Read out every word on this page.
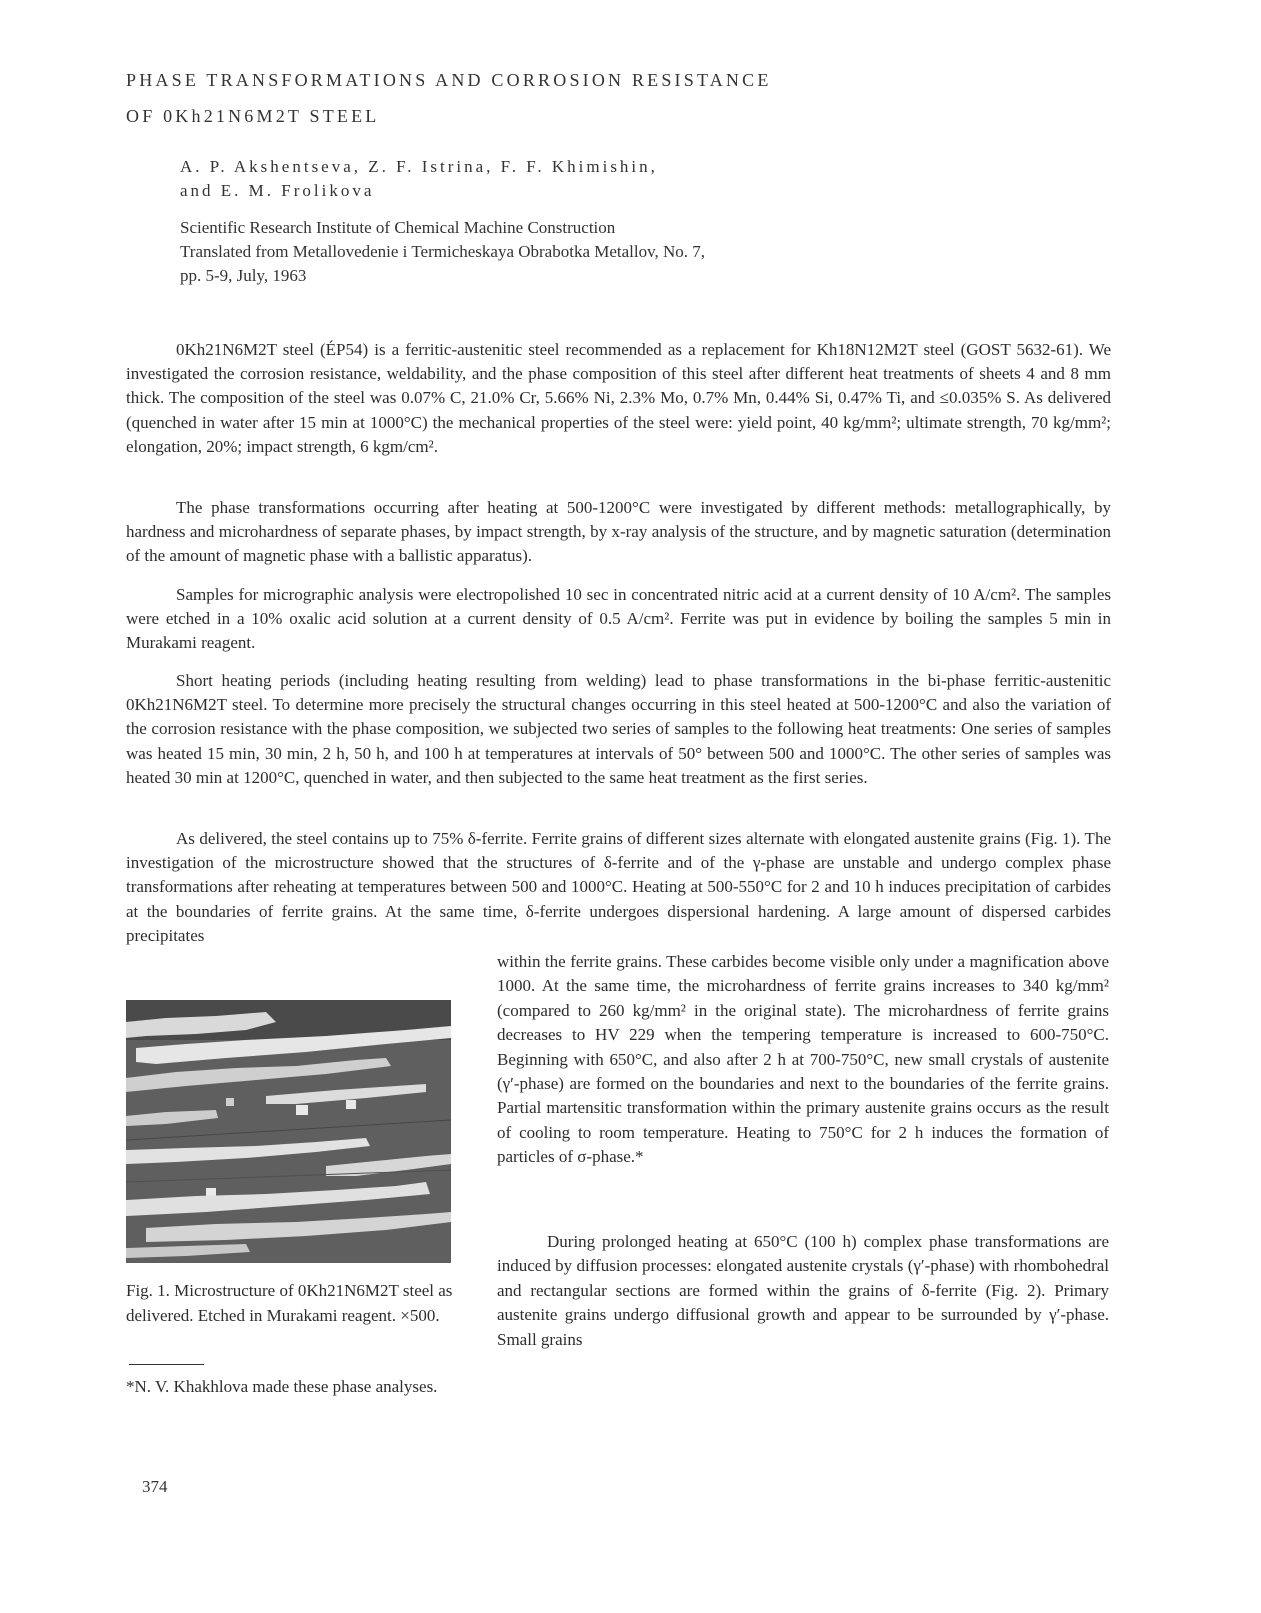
PHASE TRANSFORMATIONS AND CORROSION RESISTANCE
OF 0Kh21N6M2T STEEL
A. P. Akshentseva, Z. F. Istrina, F. F. Khimishin,
and E. M. Frolikova
Scientific Research Institute of Chemical Machine Construction
Translated from Metallovedenie i Termicheskaya Obrabotka Metallov, No. 7,
pp. 5-9, July, 1963

0Kh21N6M2T steel (ÉP54) is a ferritic-austenitic steel recommended as a replacement for Kh18N12M2T steel (GOST 5632-61). We investigated the corrosion resistance, weldability, and the phase composition of this steel after different heat treatments of sheets 4 and 8 mm thick. The composition of the steel was 0.07% C, 21.0% Cr, 5.66% Ni, 2.3% Mo, 0.7% Mn, 0.44% Si, 0.47% Ti, and ≤0.035% S. As delivered (quenched in water after 15 min at 1000°C) the mechanical properties of the steel were: yield point, 40 kg/mm²; ultimate strength, 70 kg/mm²; elongation, 20%; impact strength, 6 kgm/cm².

The phase transformations occurring after heating at 500-1200°C were investigated by different methods: metallographically, by hardness and microhardness of separate phases, by impact strength, by x-ray analysis of the structure, and by magnetic saturation (determination of the amount of magnetic phase with a ballistic apparatus).

Samples for micrographic analysis were electropolished 10 sec in concentrated nitric acid at a current density of 10 A/cm². The samples were etched in a 10% oxalic acid solution at a current density of 0.5 A/cm². Ferrite was put in evidence by boiling the samples 5 min in Murakami reagent.

Short heating periods (including heating resulting from welding) lead to phase transformations in the bi-phase ferritic-austenitic 0Kh21N6M2T steel. To determine more precisely the structural changes occurring in this steel heated at 500-1200°C and also the variation of the corrosion resistance with the phase composition, we subjected two series of samples to the following heat treatments: One series of samples was heated 15 min, 30 min, 2 h, 50 h, and 100 h at temperatures at intervals of 50° between 500 and 1000°C. The other series of samples was heated 30 min at 1200°C, quenched in water, and then subjected to the same heat treatment as the first series.

As delivered, the steel contains up to 75% δ-ferrite. Ferrite grains of different sizes alternate with elongated austenite grains (Fig. 1). The investigation of the microstructure showed that the structures of δ-ferrite and of the γ-phase are unstable and undergo complex phase transformations after reheating at temperatures between 500 and 1000°C. Heating at 500-550°C for 2 and 10 h induces precipitation of carbides at the boundaries of ferrite grains. At the same time, δ-ferrite undergoes dispersional hardening. A large amount of dispersed carbides precipitates

within the ferrite grains. These carbides become visible only under a magnification above 1000. At the same time, the microhardness of ferrite grains increases to 340 kg/mm² (compared to 260 kg/mm² in the original state). The microhardness of ferrite grains decreases to HV 229 when the tempering temperature is increased to 600-750°C. Beginning with 650°C, and also after 2 h at 700-750°C, new small crystals of austenite (γ′-phase) are formed on the boundaries and next to the boundaries of the ferrite grains. Partial martensitic transformation within the primary austenite grains occurs as the result of cooling to room temperature. Heating to 750°C for 2 h induces the formation of particles of σ-phase.*

During prolonged heating at 650°C (100 h) complex phase transformations are induced by diffusion processes: elongated austenite crystals (γ′-phase) with rhombohedral and rectangular sections are formed within the grains of δ-ferrite (Fig. 2). Primary austenite grains undergo diffusional growth and appear to be surrounded by γ′-phase. Small grains

Fig. 1. Microstructure of 0Kh21N6M2T steel as delivered. Etched in Murakami reagent. ×500.

*N. V. Khakhlova made these phase analyses.
374
